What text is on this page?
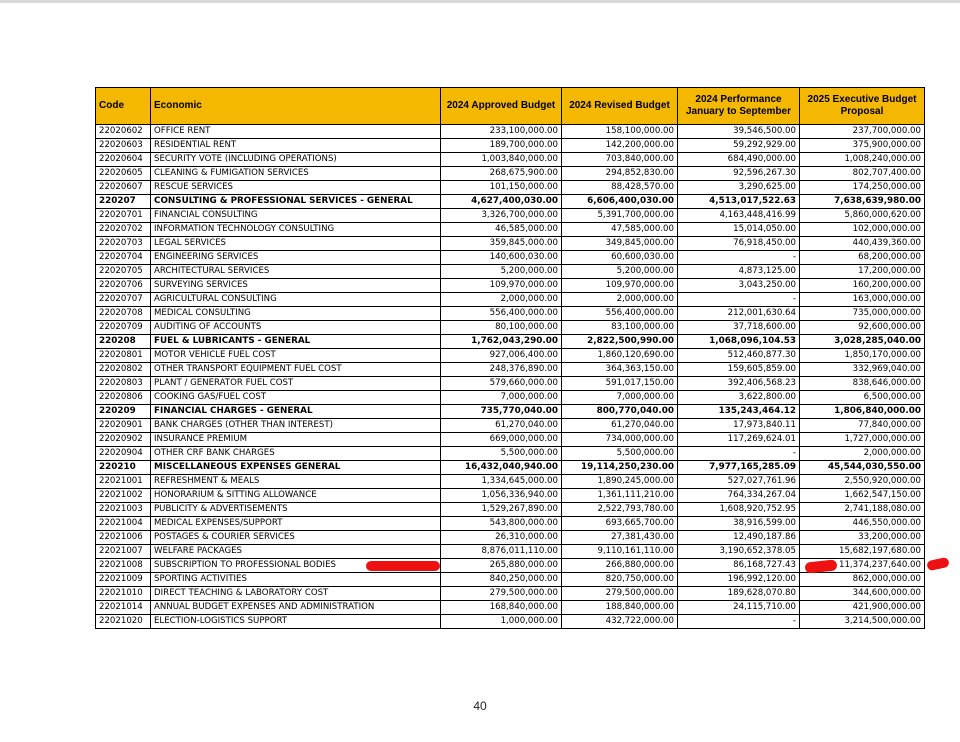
Code	Economic	2024 Approved Budget	2024 Revised Budget	2024 Performance January to September	2025 Executive Budget Proposal
22020602	OFFICE RENT	233,100,000.00	158,100,000.00	39,546,500.00	237,700,000.00
22020603	RESIDENTIAL RENT	189,700,000.00	142,200,000.00	59,292,929.00	375,900,000.00
22020604	SECURITY VOTE (INCLUDING OPERATIONS)	1,003,840,000.00	703,840,000.00	684,490,000.00	1,008,240,000.00
22020605	CLEANING & FUMIGATION SERVICES	268,675,900.00	294,852,830.00	92,596,267.30	802,707,400.00
22020607	RESCUE SERVICES	101,150,000.00	88,428,570.00	3,290,625.00	174,250,000.00
220207	CONSULTING & PROFESSIONAL SERVICES - GENERAL	4,627,400,030.00	6,606,400,030.00	4,513,017,522.63	7,638,639,980.00
22020701	FINANCIAL CONSULTING	3,326,700,000.00	5,391,700,000.00	4,163,448,416.99	5,860,000,620.00
22020702	INFORMATION TECHNOLOGY CONSULTING	46,585,000.00	47,585,000.00	15,014,050.00	102,000,000.00
22020703	LEGAL SERVICES	359,845,000.00	349,845,000.00	76,918,450.00	440,439,360.00
22020704	ENGINEERING SERVICES	140,600,030.00	60,600,030.00	-	68,200,000.00
22020705	ARCHITECTURAL SERVICES	5,200,000.00	5,200,000.00	4,873,125.00	17,200,000.00
22020706	SURVEYING SERVICES	109,970,000.00	109,970,000.00	3,043,250.00	160,200,000.00
22020707	AGRICULTURAL CONSULTING	2,000,000.00	2,000,000.00	-	163,000,000.00
22020708	MEDICAL CONSULTING	556,400,000.00	556,400,000.00	212,001,630.64	735,000,000.00
22020709	AUDITING OF ACCOUNTS	80,100,000.00	83,100,000.00	37,718,600.00	92,600,000.00
220208	FUEL & LUBRICANTS - GENERAL	1,762,043,290.00	2,822,500,990.00	1,068,096,104.53	3,028,285,040.00
22020801	MOTOR VEHICLE FUEL COST	927,006,400.00	1,860,120,690.00	512,460,877.30	1,850,170,000.00
22020802	OTHER TRANSPORT EQUIPMENT FUEL COST	248,376,890.00	364,363,150.00	159,605,859.00	332,969,040.00
22020803	PLANT / GENERATOR FUEL COST	579,660,000.00	591,017,150.00	392,406,568.23	838,646,000.00
22020806	COOKING GAS/FUEL COST	7,000,000.00	7,000,000.00	3,622,800.00	6,500,000.00
220209	FINANCIAL CHARGES - GENERAL	735,770,040.00	800,770,040.00	135,243,464.12	1,806,840,000.00
22020901	BANK CHARGES (OTHER THAN INTEREST)	61,270,040.00	61,270,040.00	17,973,840.11	77,840,000.00
22020902	INSURANCE PREMIUM	669,000,000.00	734,000,000.00	117,269,624.01	1,727,000,000.00
22020904	OTHER CRF BANK CHARGES	5,500,000.00	5,500,000.00	-	2,000,000.00
220210	MISCELLANEOUS EXPENSES GENERAL	16,432,040,940.00	19,114,250,230.00	7,977,165,285.09	45,544,030,550.00
22021001	REFRESHMENT & MEALS	1,334,645,000.00	1,890,245,000.00	527,027,761.96	2,550,920,000.00
22021002	HONORARIUM & SITTING ALLOWANCE	1,056,336,940.00	1,361,111,210.00	764,334,267.04	1,662,547,150.00
22021003	PUBLICITY & ADVERTISEMENTS	1,529,267,890.00	2,522,793,780.00	1,608,920,752.95	2,741,188,080.00
22021004	MEDICAL EXPENSES/SUPPORT	543,800,000.00	693,665,700.00	38,916,599.00	446,550,000.00
22021006	POSTAGES & COURIER SERVICES	26,310,000.00	27,381,430.00	12,490,187.86	33,200,000.00
22021007	WELFARE PACKAGES	8,876,011,110.00	9,110,161,110.00	3,190,652,378.05	15,682,197,680.00
22021008	SUBSCRIPTION TO PROFESSIONAL BODIES	265,880,000.00	266,880,000.00	86,168,727.43	11,374,237,640.00
22021009	SPORTING ACTIVITIES	840,250,000.00	820,750,000.00	196,992,120.00	862,000,000.00
22021010	DIRECT TEACHING & LABORATORY COST	279,500,000.00	279,500,000.00	189,628,070.80	344,600,000.00
22021014	ANNUAL BUDGET EXPENSES AND ADMINISTRATION	168,840,000.00	188,840,000.00	24,115,710.00	421,900,000.00
22021020	ELECTION-LOGISTICS SUPPORT	1,000,000.00	432,722,000.00	-	3,214,500,000.00
40
